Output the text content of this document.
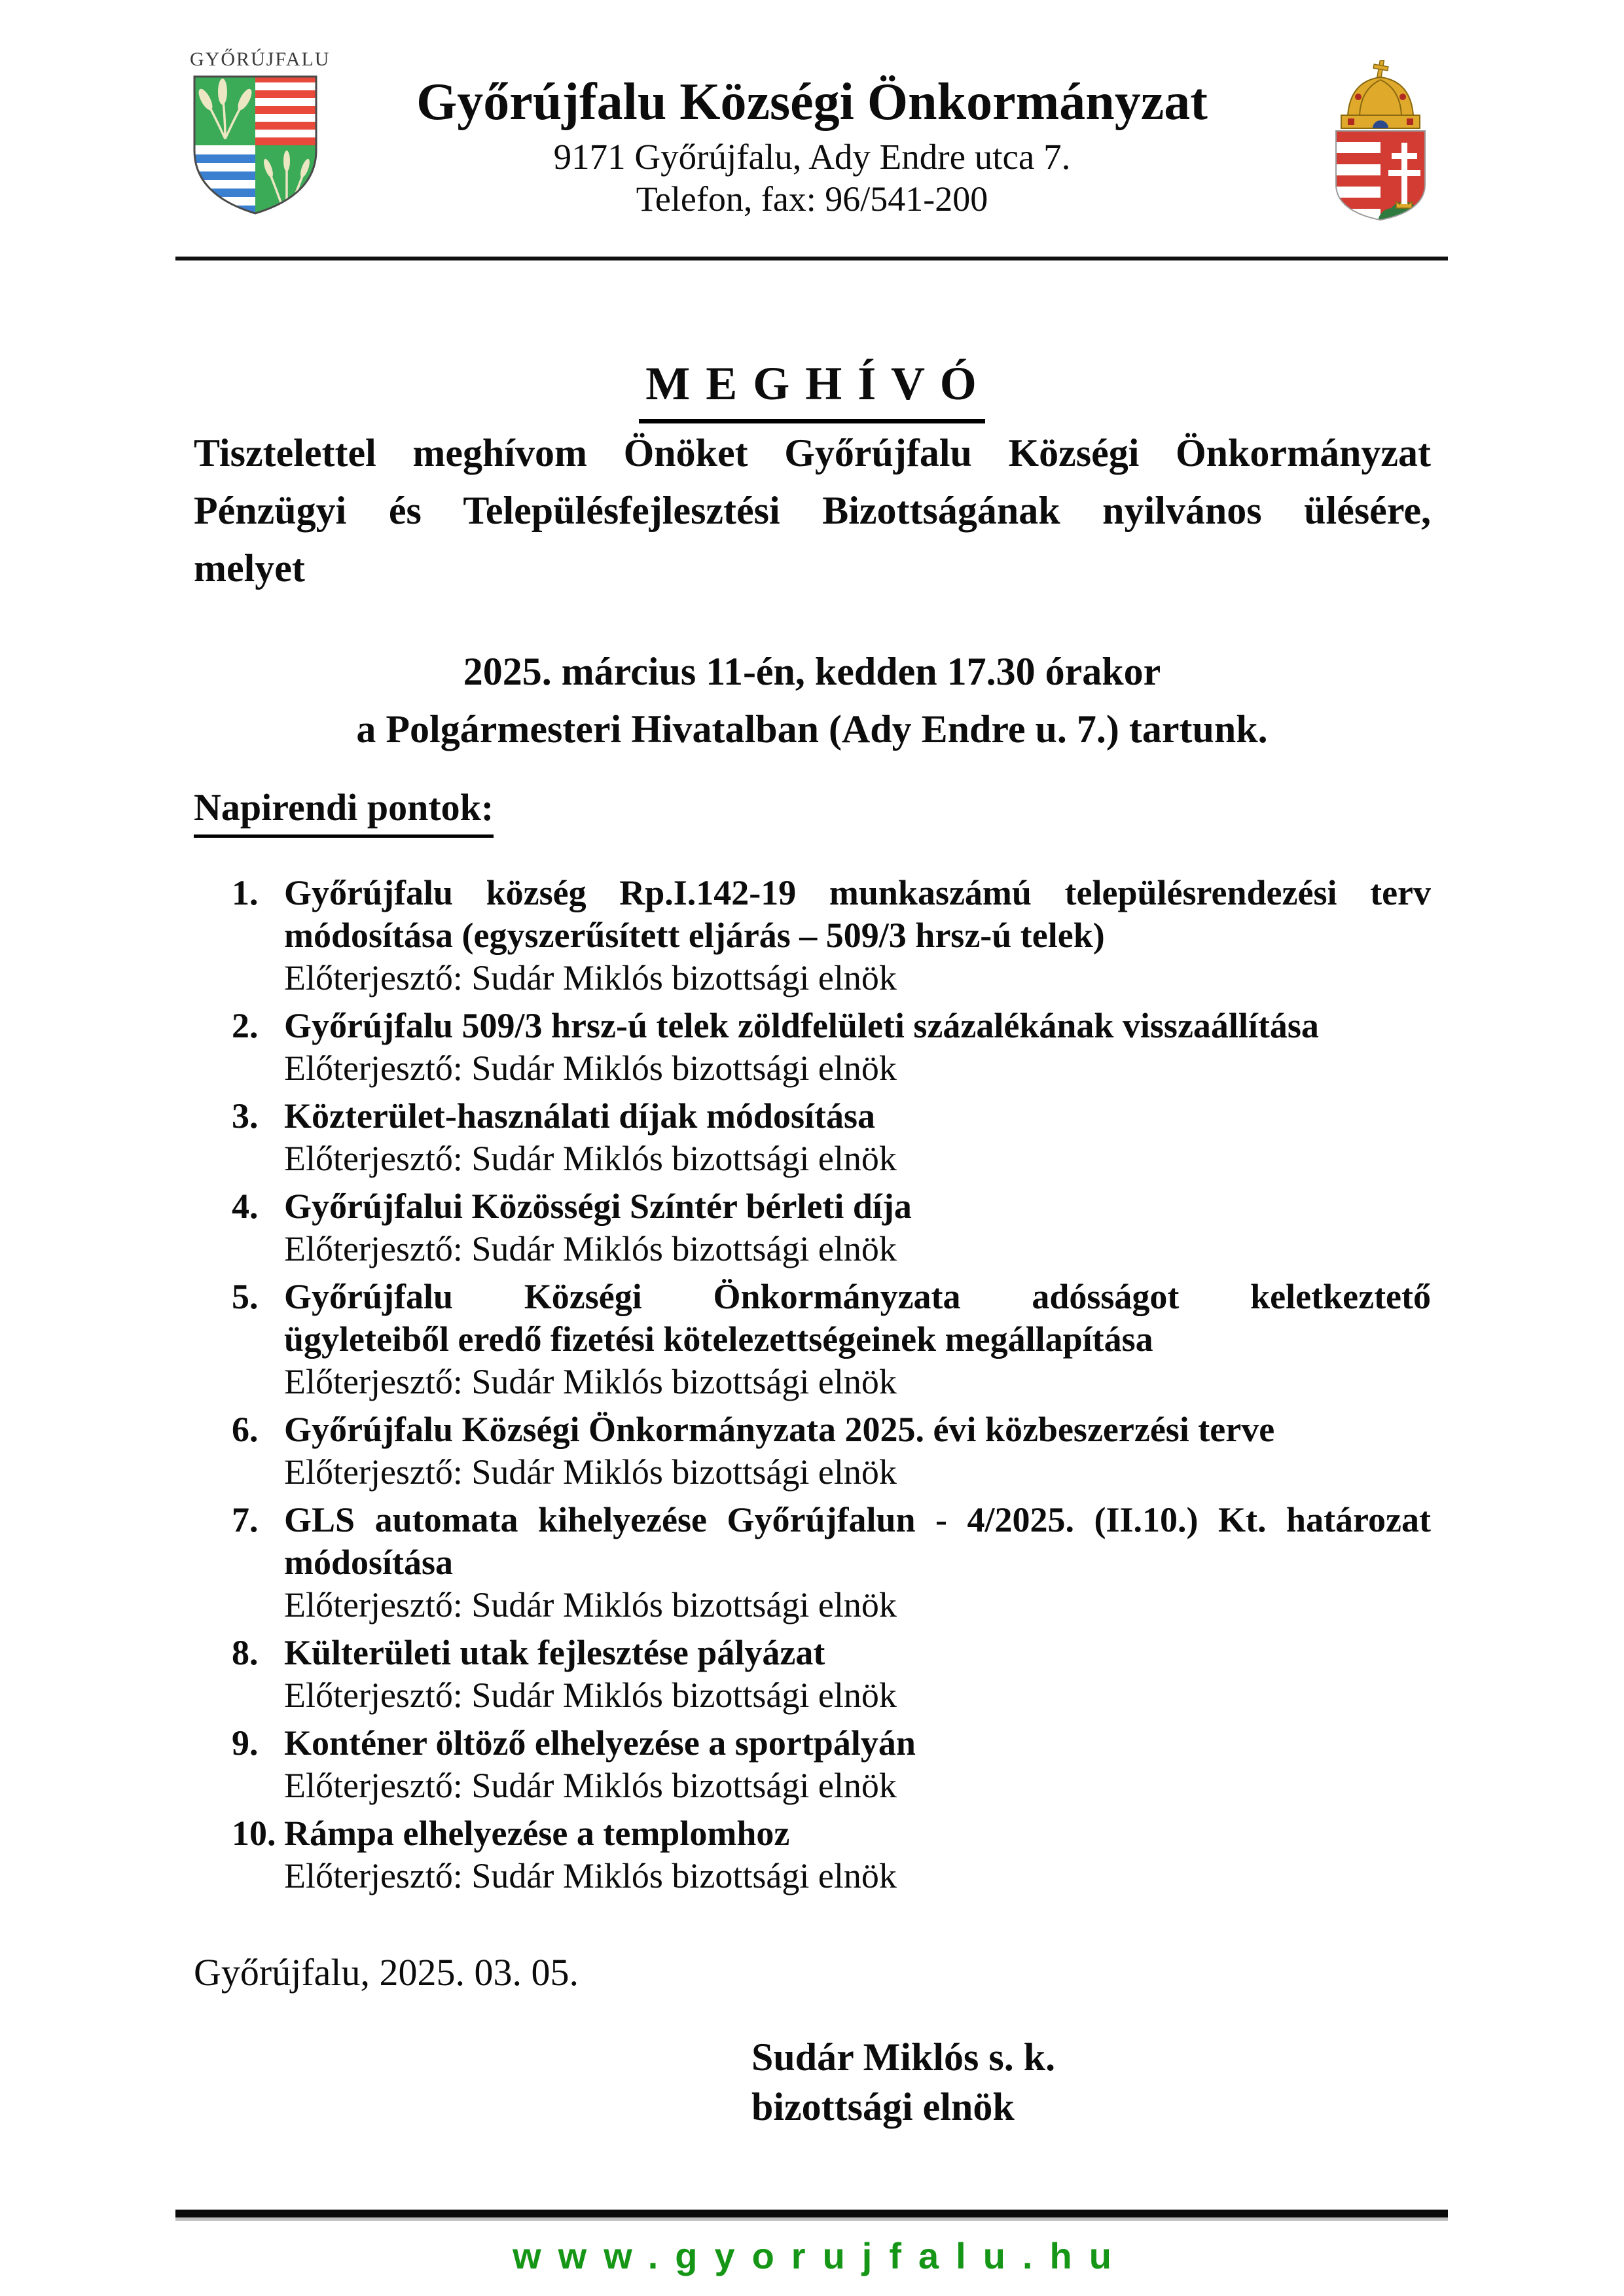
GYŐRÚJFALU
Győrújfalu Községi Önkormányzat
9171 Győrújfalu, Ady Endre utca 7.
Telefon, fax: 96/541-200
M E G H Í V Ó
Tisztelettel meghívom Önöket Győrújfalu Községi Önkormányzat
Pénzügyi és Településfejlesztési Bizottságának nyilvános ülésére,
melyet
2025. március 11-én, kedden 17.30 órakor
a Polgármesteri Hivatalban (Ady Endre u. 7.) tartunk.
Napirendi pontok:
1. Győrújfalu község Rp.I.142-19 munkaszámú településrendezési terv
módosítása (egyszerűsített eljárás – 509/3 hrsz-ú telek)
Előterjesztő: Sudár Miklós bizottsági elnök
2. Győrújfalu 509/3 hrsz-ú telek zöldfelületi százalékának visszaállítása
Előterjesztő: Sudár Miklós bizottsági elnök
3. Közterület-használati díjak módosítása
Előterjesztő: Sudár Miklós bizottsági elnök
4. Győrújfalui Közösségi Színtér bérleti díja
Előterjesztő: Sudár Miklós bizottsági elnök
5. Győrújfalu Községi Önkormányzata adósságot keletkeztető
ügyleteiből eredő fizetési kötelezettségeinek megállapítása
Előterjesztő: Sudár Miklós bizottsági elnök
6. Győrújfalu Községi Önkormányzata 2025. évi közbeszerzési terve
Előterjesztő: Sudár Miklós bizottsági elnök
7. GLS automata kihelyezése Győrújfalun - 4/2025. (II.10.) Kt. határozat
módosítása
Előterjesztő: Sudár Miklós bizottsági elnök
8. Külterületi utak fejlesztése pályázat
Előterjesztő: Sudár Miklós bizottsági elnök
9. Konténer öltöző elhelyezése a sportpályán
Előterjesztő: Sudár Miklós bizottsági elnök
10. Rámpa elhelyezése a templomhoz
Előterjesztő: Sudár Miklós bizottsági elnök
Győrújfalu, 2025. 03. 05.
Sudár Miklós s. k.
bizottsági elnök
www.gyorujfalu.hu
